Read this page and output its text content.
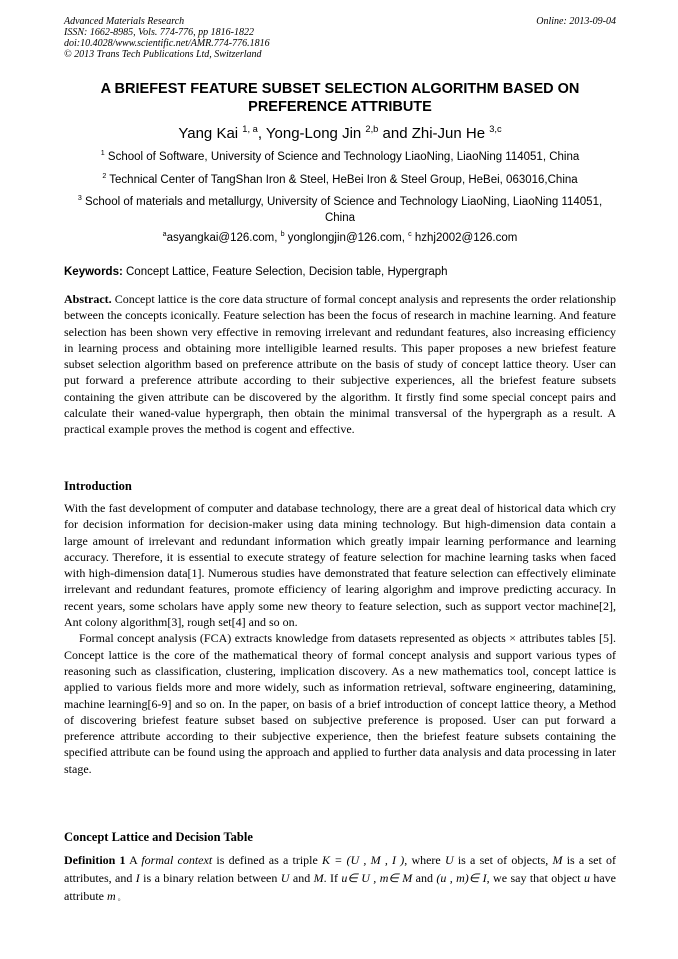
Advanced Materials Research
ISSN: 1662-8985, Vols. 774-776, pp 1816-1822
doi:10.4028/www.scientific.net/AMR.774-776.1816
© 2013 Trans Tech Publications Ltd, Switzerland
Online: 2013-09-04
A BRIEFEST FEATURE SUBSET SELECTION ALGORITHM BASED ON PREFERENCE ATTRIBUTE
Yang Kai $^{1, a}$, Yong-Long Jin $^{2,b}$ and Zhi-Jun He $^{3,c}$
$^1$ School of Software, University of Science and Technology LiaoNing, LiaoNing 114051, China
$^2$ Technical Center of TangShan Iron & Steel, HeBei Iron & Steel Group, HeBei, 063016,China
$^3$ School of materials and metallurgy, University of Science and Technology LiaoNing, LiaoNing 114051, China
$^a$asyangkai@126.com, $^b$ yonglongjin@126.com, $^c$ hzhj2002@126.com
Keywords: Concept Lattice, Feature Selection, Decision table, Hypergraph

Abstract. Concept lattice is the core data structure of formal concept analysis and represents the order relationship between the concepts iconically. Feature selection has been the focus of research in machine learning. And feature selection has been shown very effective in removing irrelevant and redundant features, also increasing efficiency in learning process and obtaining more intelligible learned results. This paper proposes a new briefest feature subset selection algorithm based on preference attribute on the basis of study of concept lattice theory. User can put forward a preference attribute according to their subjective experiences, all the briefest feature subsets containing the given attribute can be discovered by the algorithm. It firstly find some special concept pairs and calculate their waned-value hypergraph, then obtain the minimal transversal of the hypergraph as a result. A practical example proves the method is cogent and effective.

Introduction

With the fast development of computer and database technology, there are a great deal of historical data which cry for decision information for decision-maker using data mining technology. But high-dimension data contain a large amount of irrelevant and redundant information which greatly impair learning performance and learning accuracy. Therefore, it is essential to execute strategy of feature selection for machine learning tasks when faced with high-dimension data[1]. Numerous studies have demonstrated that feature selection can effectively eliminate irrelevant and redundant features, promote efficiency of learing algorighm and improve predicting accuracy. In recent years, some scholars have apply some new theory to feature selection, such as support vector machine[2], Ant colony algorithm[3], rough set[4] and so on.

Formal concept analysis (FCA) extracts knowledge from datasets represented as objects × attributes tables [5]. Concept lattice is the core of the mathematical theory of formal concept analysis and support various types of reasoning such as classification, clustering, implication discovery. As a new mathematics tool, concept lattice is applied to various fields more and more widely, such as information retrieval, software engineering, datamining, machine learning[6-9] and so on. In the paper, on basis of a brief introduction of concept lattice theory, a Method of discovering briefest feature subset based on subjective preference is proposed. User can put forward a preference attribute according to their subjective experience, then the briefest feature subsets containing the specified attribute can be found using the approach and applied to further data analysis and data processing in later stage.

Concept Lattice and Decision Table

Definition 1 A formal context is defined as a triple K = (U , M , I ), where U is a set of objects, M is a set of attributes, and I is a binary relation between U and M. If u∈ U , m∈ M and (u , m)∈ I, we say that object u have attribute m 。
